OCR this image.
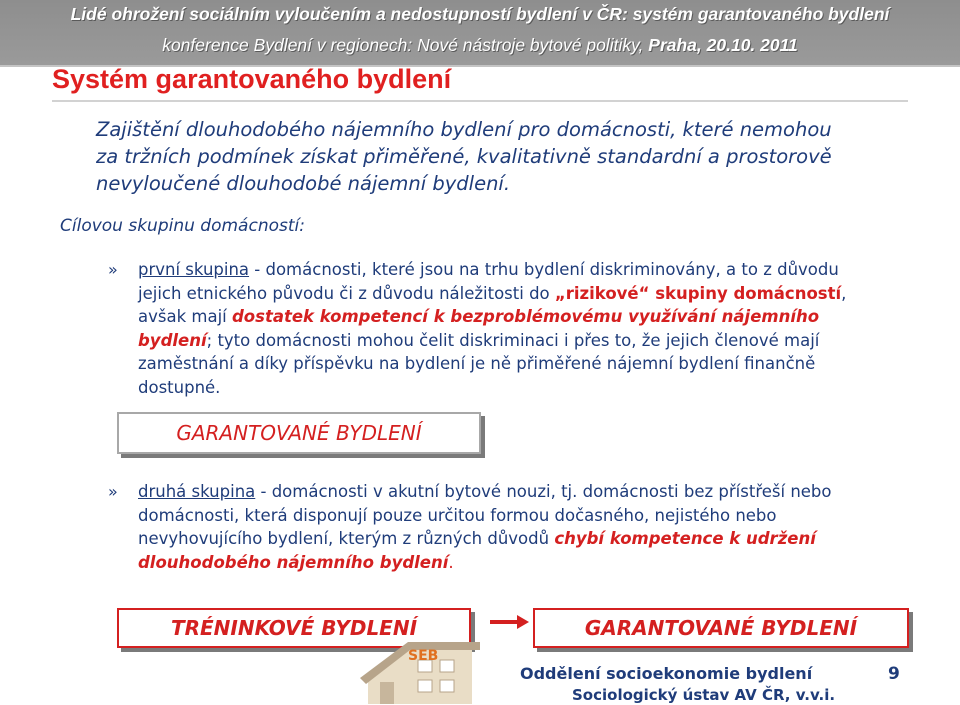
Lidé ohrožení sociálním vyloučením a nedostupností bydlení v ČR: systém garantovaného bydlení
konference Bydlení v regionech: Nové nástroje bytové politiky, Praha, 20.10. 2011
Systém garantovaného bydlení
Zajištění dlouhodobého nájemního bydlení pro domácnosti, které nemohou za tržních podmínek získat přiměřené, kvalitativně standardní a prostorově nevyloučené dlouhodobé nájemní bydlení.
Cílovou skupinu domácností:
» první skupina - domácnosti, které jsou na trhu bydlení diskriminovány, a to z důvodu jejich etnického původu či z důvodu náležitosti do „rizikové“ skupiny domácností, avšak mají dostatek kompetencí k bezproblémovému využívání nájemního bydlení; tyto domácnosti mohou čelit diskriminaci i přes to, že jejich členové mají zaměstnání a díky příspěvku na bydlení je ně přiměřené nájemní bydlení finančně dostupné.
GARANTOVANÉ BYDLENÍ
» druhá skupina - domácnosti v akutní bytové nouzi, tj. domácnosti bez přístřeší nebo domácnosti, která disponují pouze určitou formou dočasného, nejistého nebo nevyhovujícího bydlení, kterým z různých důvodů chybí kompetence k udržení dlouhodobého nájemního bydlení.
TRÉNINKOVÉ BYDLENÍ	GARANTOVANÉ BYDLENÍ
SEB
Oddělení socioekonomie bydlení	9
Sociologický ústav AV ČR, v.v.i.
